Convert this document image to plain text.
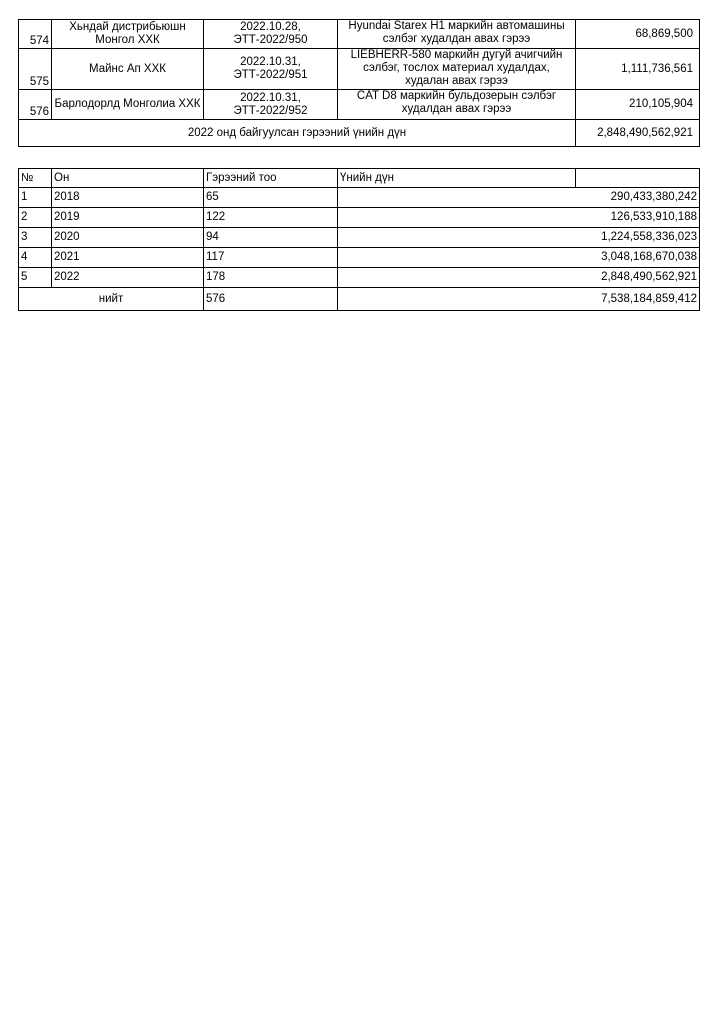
574	Хьндай дистрибьюшн Монгол ХХК	2022.10.28, ЭТТ-2022/950	Hyundai Starex H1 маркийн автомашины сэлбэг худалдан авах гэрээ	68,869,500
575	Майнс Ап ХХК	2022.10.31, ЭТТ-2022/951	LIEBHERR-580 маркийн дугуй ачигчийн сэлбэг, тослох материал худалдах, худалан авах гэрээ	1,111,736,561
576	Барлодорлд Монголиа ХХК	2022.10.31, ЭТТ-2022/952	CAT D8 маркийн бульдозерын сэлбэг худалдан авах гэрээ	210,105,904
2022 онд байгуулсан гэрээний үнийн дүн				2,848,490,562,921
№	Он	Гэрээний тоо	Үнийн дүн	
1	2018	65	290,433,380,242	
2	2019	122	126,533,910,188	
3	2020	94	1,224,558,336,023	
4	2021	117	3,048,168,670,038	
5	2022	178	2,848,490,562,921	
нийт		576	7,538,184,859,412	
